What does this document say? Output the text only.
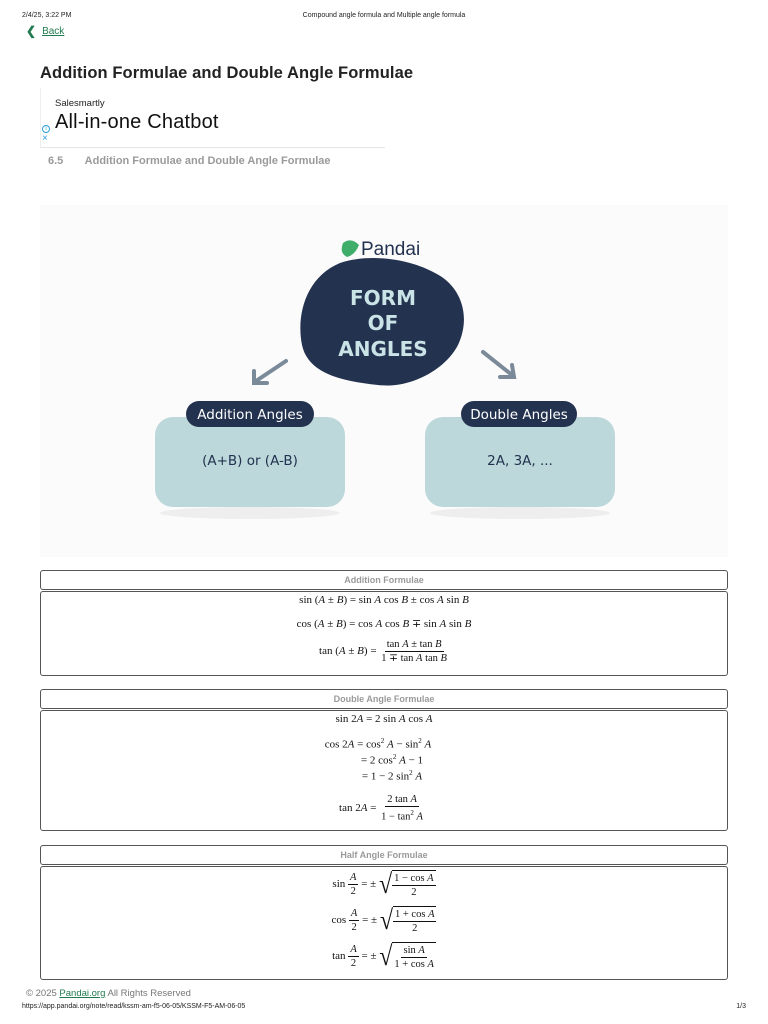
2/4/25, 3:22 PM	Compound angle formula and Multiple angle formula
❮ Back
Addition Formulae and Double Angle Formulae
Salesmartly
All-in-one Chatbot
i
×
6.5 Addition Formulae and Double Angle Formulae
Pandai
FORM
OF
ANGLES
Addition Angles
(A+B) or (A-B)
Double Angles
2A, 3A, ...
Addition Formulae
sin (A ± B) = sin A cos B ± cos A sin B
cos (A ± B) = cos A cos B ∓ sin A sin B
$\tan (A \pm B) = \frac{\text{tan A ± tan B}}{\text{1 ∓ tan A tan B}}$
Double Angle Formulae
sin 2A = 2 sin A cos A
$\cos 2A = \cos^2 A - \sin^2 A$
= 2 $\cos^2 A - 1$
= 1 − 2 $\sin^2 A$
$\tan 2A = \frac{\text{2 tan A}}{1 - \tan^2 A}$
Half Angle Formulae
$\sin \frac{A}{2}$ = ± √ $\frac{\text{1 − cos A}}{2}$
$\cos \frac{A}{2}$ = ± √ $\frac{\text{1 + cos A}}{2}$
$\tan \frac{A}{2}$ = ± √ $\frac{\text{sin A}}{\text{1 + cos A}}$
© 2025 Pandai.org All Rights Reserved
https://app.pandai.org/note/read/kssm-am-f5-06-05/KSSM-F5-AM-06-05	1/3
